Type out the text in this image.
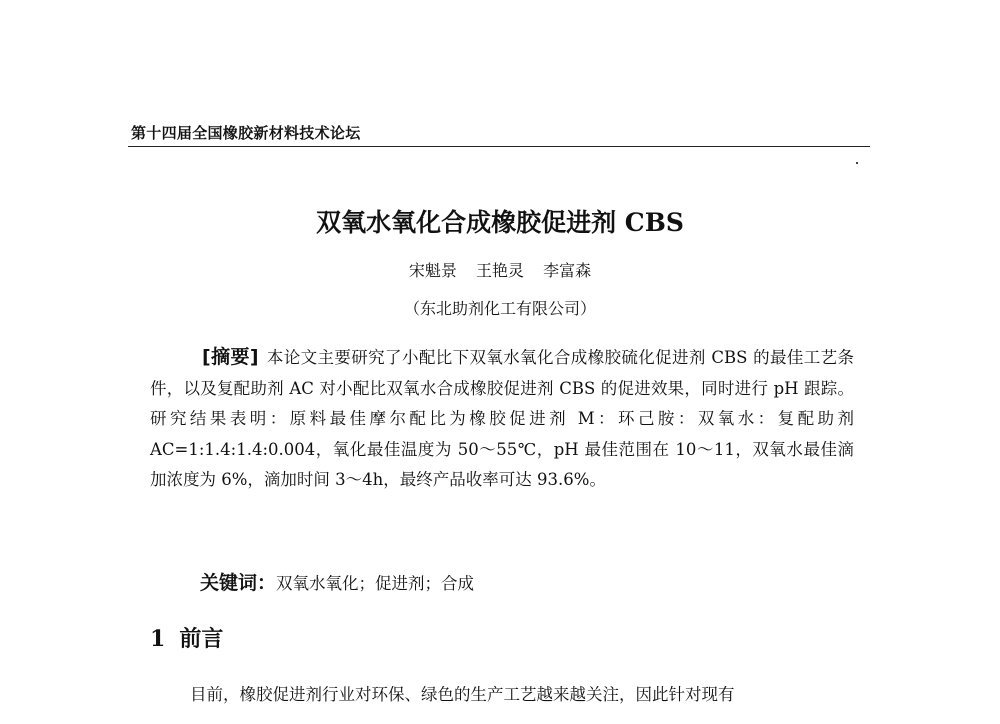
第十四届全国橡胶新材料技术论坛
双氧水氧化合成橡胶促进剂 CBS
宋魁景 王艳灵 李富森
（东北助剂化工有限公司）

[摘要] 本论文主要研究了小配比下双氧水氧化合成橡胶硫化促进剂 CBS 的最佳工艺条件，以及复配助剂 AC 对小配比双氧水合成橡胶促进剂 CBS 的促进效果，同时进行 pH 跟踪。研究结果表明：原料最佳摩尔配比为橡胶促进剂 M：环己胺：双氧水：复配助剂 AC=1:1.4:1.4:0.004，氧化最佳温度为 50～55℃，pH 最佳范围在 10～11，双氧水最佳滴加浓度为 6%，滴加时间 3～4h，最终产品收率可达 93.6%。

关键词：双氧水氧化；促进剂；合成
1 前言

目前，橡胶促进剂行业对环保、绿色的生产工艺越来越关注，因此针对现有
